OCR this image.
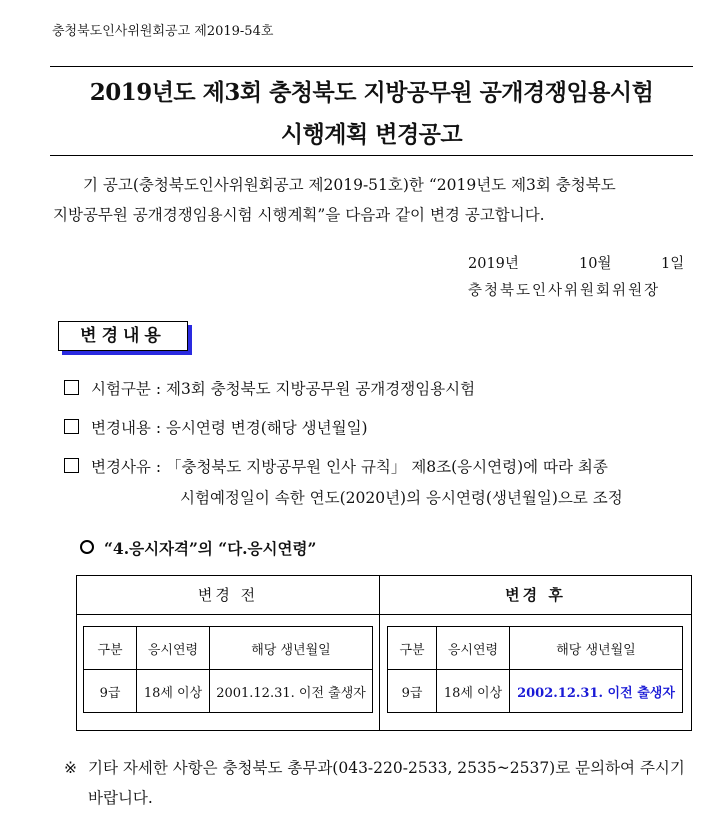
충청북도인사위원회공고 제2019-54호
2019년도 제3회 충청북도 지방공무원 공개경쟁임용시험
시행계획 변경공고
기 공고(충청북도인사위원회공고 제2019-51호)한 “2019년도 제3회 충청북도
지방공무원 공개경쟁임용시험 시행계획”을 다음과 같이 변경 공고합니다.
2019년	10월	1일
충청북도인사위원회위원장
변경내용
시험구분 : 제3회 충청북도 지방공무원 공개경쟁임용시험
변경내용 : 응시연령 변경(해당 생년월일)
변경사유 : 「충청북도 지방공무원 인사 규칙」 제8조(응시연령)에 따라 최종
시험예정일이 속한 연도(2020년)의 응시연령(생년월일)으로 조정
“4.응시자격”의 “다.응시연령”
변경 전	변경 후
구분	응시연령	해당 생년월일
9급	18세 이상	2001.12.31. 이전 출생자
구분	응시연령	해당 생년월일
9급	18세 이상	2002.12.31. 이전 출생자
※ 기타 자세한 사항은 충청북도 총무과(043-220-2533, 2535~2537)로 문의하여 주시기 바랍니다.
